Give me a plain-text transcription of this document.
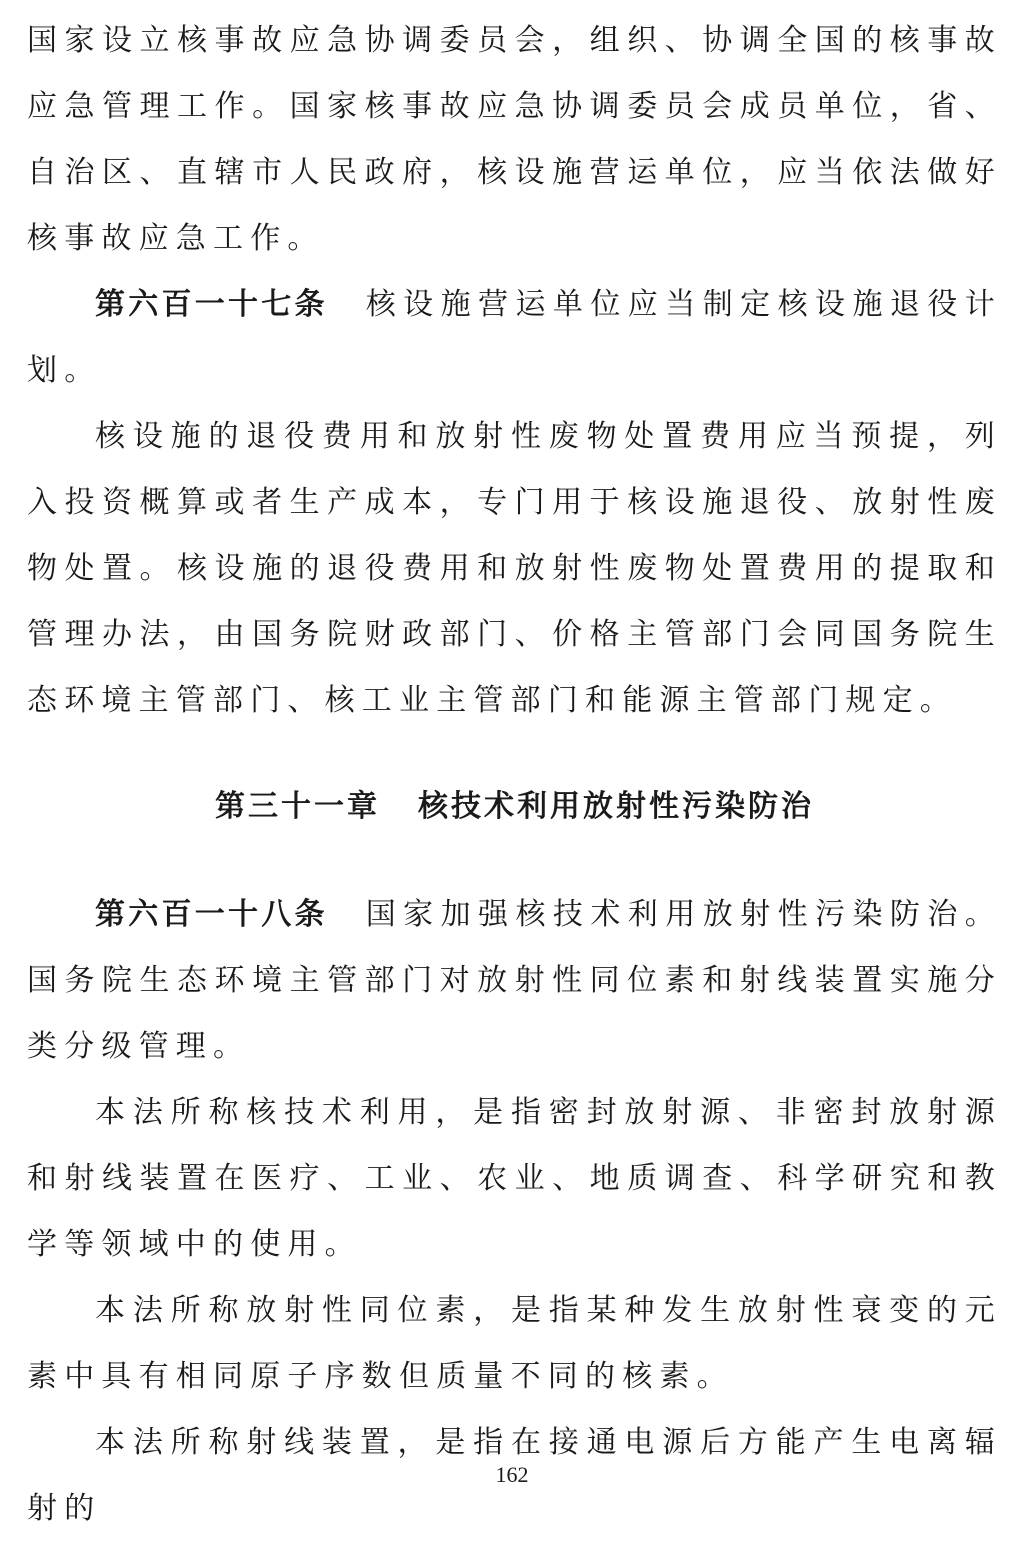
国家设立核事故应急协调委员会，组织、协调全国的核事故应急管理工作。国家核事故应急协调委员会成员单位，省、自治区、直辖市人民政府，核设施营运单位，应当依法做好核事故应急工作。

第六百一十七条 核设施营运单位应当制定核设施退役计划。

核设施的退役费用和放射性废物处置费用应当预提，列入投资概算或者生产成本，专门用于核设施退役、放射性废物处置。核设施的退役费用和放射性废物处置费用的提取和管理办法，由国务院财政部门、价格主管部门会同国务院生态环境主管部门、核工业主管部门和能源主管部门规定。

第三十一章 核技术利用放射性污染防治

第六百一十八条 国家加强核技术利用放射性污染防治。国务院生态环境主管部门对放射性同位素和射线装置实施分类分级管理。

本法所称核技术利用，是指密封放射源、非密封放射源和射线装置在医疗、工业、农业、地质调查、科学研究和教学等领域中的使用。

本法所称放射性同位素，是指某种发生放射性衰变的元素中具有相同原子序数但质量不同的核素。

本法所称射线装置，是指在接通电源后方能产生电离辐射的

162
